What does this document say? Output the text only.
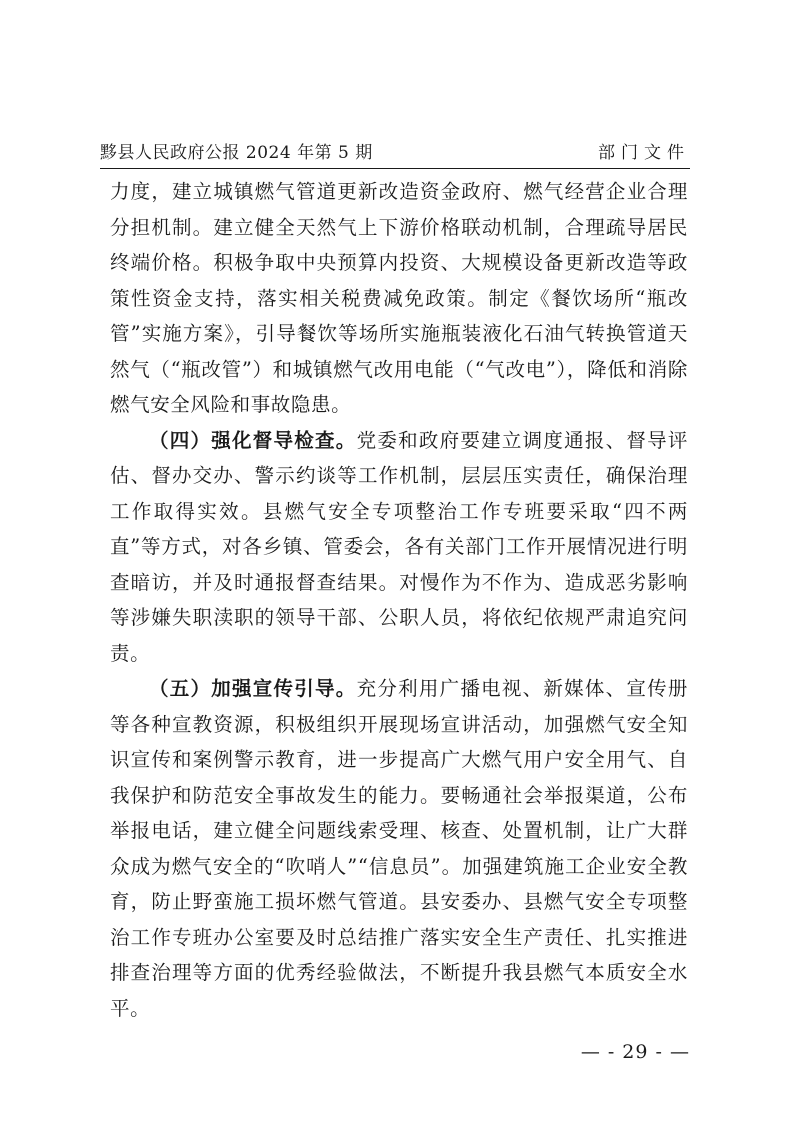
黟县人民政府公报 2024 年第 5 期	部门文件

力度，建立城镇燃气管道更新改造资金政府、燃气经营企业合理分担机制。建立健全天然气上下游价格联动机制，合理疏导居民终端价格。积极争取中央预算内投资、大规模设备更新改造等政策性资金支持，落实相关税费减免政策。制定《餐饮场所“瓶改管”实施方案》，引导餐饮等场所实施瓶装液化石油气转换管道天然气（“瓶改管”）和城镇燃气改用电能（“气改电”），降低和消除燃气安全风险和事故隐患。

（四）强化督导检查。党委和政府要建立调度通报、督导评估、督办交办、警示约谈等工作机制，层层压实责任，确保治理工作取得实效。县燃气安全专项整治工作专班要采取“四不两直”等方式，对各乡镇、管委会，各有关部门工作开展情况进行明查暗访，并及时通报督查结果。对慢作为不作为、造成恶劣影响等涉嫌失职渎职的领导干部、公职人员，将依纪依规严肃追究问责。

（五）加强宣传引导。充分利用广播电视、新媒体、宣传册等各种宣教资源，积极组织开展现场宣讲活动，加强燃气安全知识宣传和案例警示教育，进一步提高广大燃气用户安全用气、自我保护和防范安全事故发生的能力。要畅通社会举报渠道，公布举报电话，建立健全问题线索受理、核查、处置机制，让广大群众成为燃气安全的“吹哨人”“信息员”。加强建筑施工企业安全教育，防止野蛮施工损坏燃气管道。县安委办、县燃气安全专项整治工作专班办公室要及时总结推广落实安全生产责任、扎实推进排查治理等方面的优秀经验做法，不断提升我县燃气本质安全水平。

— - 29 - —
